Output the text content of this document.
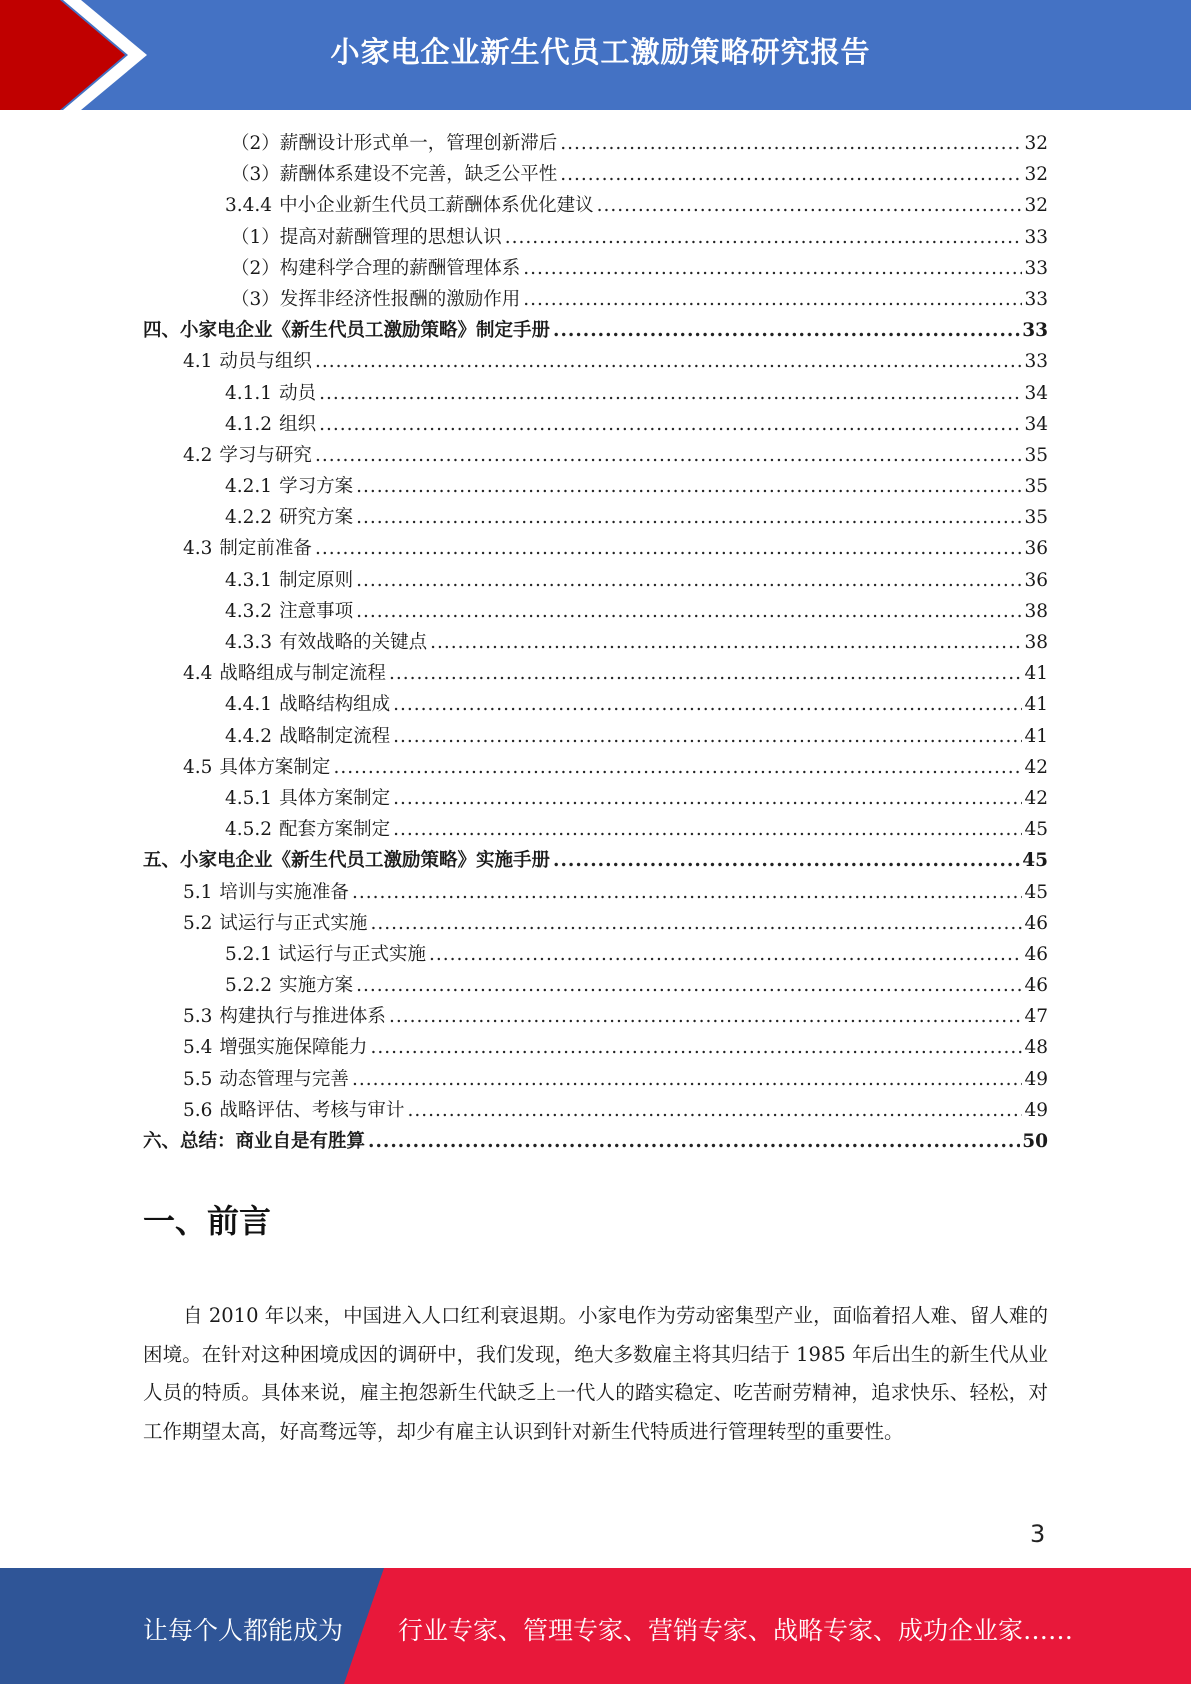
小家电企业新生代员工激励策略研究报告
（2）薪酬设计形式单一，管理创新滞后 .....	32
（3）薪酬体系建设不完善，缺乏公平性 .....	32
3.4.4 中小企业新生代员工薪酬体系优化建议 .....	32
（1）提高对薪酬管理的思想认识 .....	33
（2）构建科学合理的薪酬管理体系 .....	33
（3）发挥非经济性报酬的激励作用 .....	33
四、小家电企业《新生代员工激励策略》制定手册 .....	33
4.1 动员与组织 .....	33
4.1.1 动员 .....	34
4.1.2 组织 .....	34
4.2 学习与研究 .....	35
4.2.1 学习方案 .....	35
4.2.2 研究方案 .....	35
4.3 制定前准备 .....	36
4.3.1 制定原则 .....	36
4.3.2 注意事项 .....	38
4.3.3 有效战略的关键点 .....	38
4.4 战略组成与制定流程 .....	41
4.4.1 战略结构组成 .....	41
4.4.2 战略制定流程 .....	41
4.5 具体方案制定 .....	42
4.5.1 具体方案制定 .....	42
4.5.2 配套方案制定 .....	45
五、小家电企业《新生代员工激励策略》实施手册 .....	45
5.1 培训与实施准备 .....	45
5.2 试运行与正式实施 .....	46
5.2.1 试运行与正式实施 .....	46
5.2.2 实施方案 .....	46
5.3 构建执行与推进体系 .....	47
5.4 增强实施保障能力 .....	48
5.5 动态管理与完善 .....	49
5.6 战略评估、考核与审计 .....	49
六、总结：商业自是有胜算 .....	50
一、前言

自 2010 年以来，中国进入人口红利衰退期。小家电作为劳动密集型产业，面临着招人难、留人难的困境。在针对这种困境成因的调研中，我们发现，绝大多数雇主将其归结于 1985 年后出生的新生代从业人员的特质。具体来说，雇主抱怨新生代缺乏上一代人的踏实稳定、吃苦耐劳精神，追求快乐、轻松，对工作期望太高，好高骛远等，却少有雇主认识到针对新生代特质进行管理转型的重要性。

3
让每个人都能成为 行业专家、管理专家、营销专家、战略专家、成功企业家……
